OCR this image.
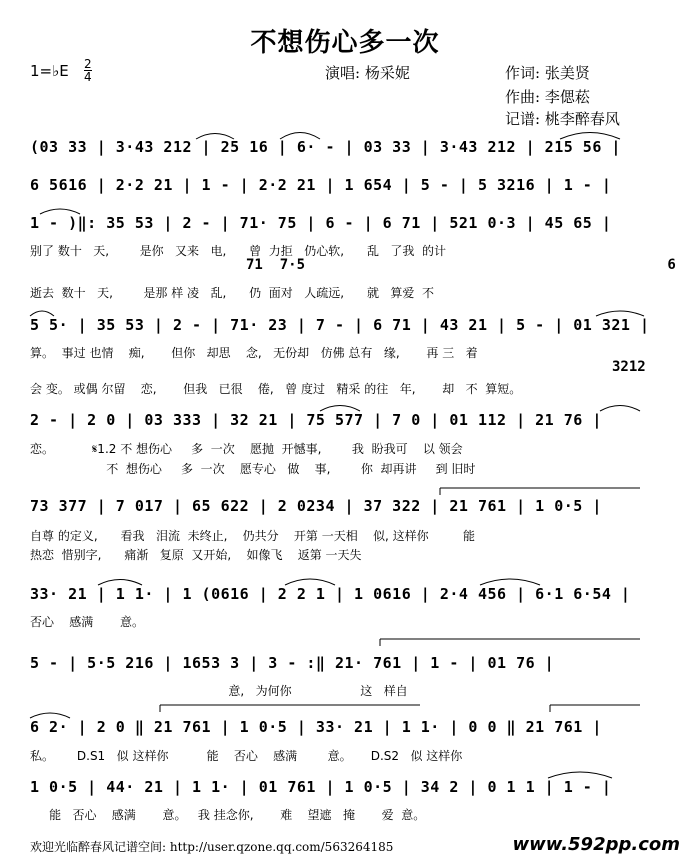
不想伤心多一次
1=♭E $\frac{2}{4}$	演唱: 杨采妮	作词: 张美贤
作曲: 李偲菘
记谱: 桃李醉春风
(03 33 | 3·43 212 | 25 16 | 6· - | 03 33 | 3·43 212 | 215 56 |
6 5616 | 2·2 21 | 1 - | 2·2 21 | 1 654 | 5 - | 5 3216 | 1 - |
1 - )‖: 35 53 | 2 - | 71· 75 | 6 - | 6 71 | 521 0·3 | 45 65 |
别了 数十   天,        是你   又来   电,      曾  力拒   仍心软,      乱   了我  的计
71  7·5                                           6
逝去  数十   天,        是那 样 凌   乱,      仍  面对   人疏远,      就   算爱  不
5 5· | 35 53 | 2 - | 71· 23 | 7 - | 6 71 | 43 21 | 5 - | 01 321 |
算。  事过 也情    痴,       但你   却思    念,   无份却   仿佛 总有   缘,       再 三   着
3212
会 变。 或偶 尔留    恋,       但我   已很    倦,   曾 度过   精采 的往   年,       却   不  算短。
2 - | 2 0 | 03 333 | 32 21 | 75 577 | 7 0 | 01 112 | 21 76 |
恋。          𝄋1.2 不 想伤心     多  一次    愿抛  开憾事,        我  盼我可    以 领会
不  想伤心     多  一次    愿专心   做    事,        你  却再讲     到 旧时
73 377 | 7 017 | 65 622 | 2 0234 | 37 322 | 21 761 | 1 0·5 |
自尊 的定义,      看我   泪流  未终止,    仍共分    开第 一天相    似, 这样你         能
热恋  惜别字,      痛渐   复原  又开始,    如像飞    返第 一天失
33· 21 | 1 1· | 1 (0616 | 2 2 1 | 1 0616 | 2·4 456 | 6·1 6·54 |
否心    感满       意。
5 - | 5·5 216 | 1653 3 | 3 - :‖ 21· 761 | 1 - | 01 76 |
意,   为何你                  这   样自
6 2· | 2 0 ‖ 21 761 | 1 0·5 | 33· 21 | 1 1· | 0 0 ‖ 21 761 |
私。      D.S1   似 这样你          能    否心    感满        意。     D.S2   似 这样你
1 0·5 | 44· 21 | 1 1· | 01 761 | 1 0·5 | 34 2 | 0 1 1 | 1 - |
能   否心    感满       意。   我 挂念你,       难    望遮   掩       爱  意。
欢迎光临醉春风记谱空间: http://user.qzone.qq.com/563264185	www.592pp.com
